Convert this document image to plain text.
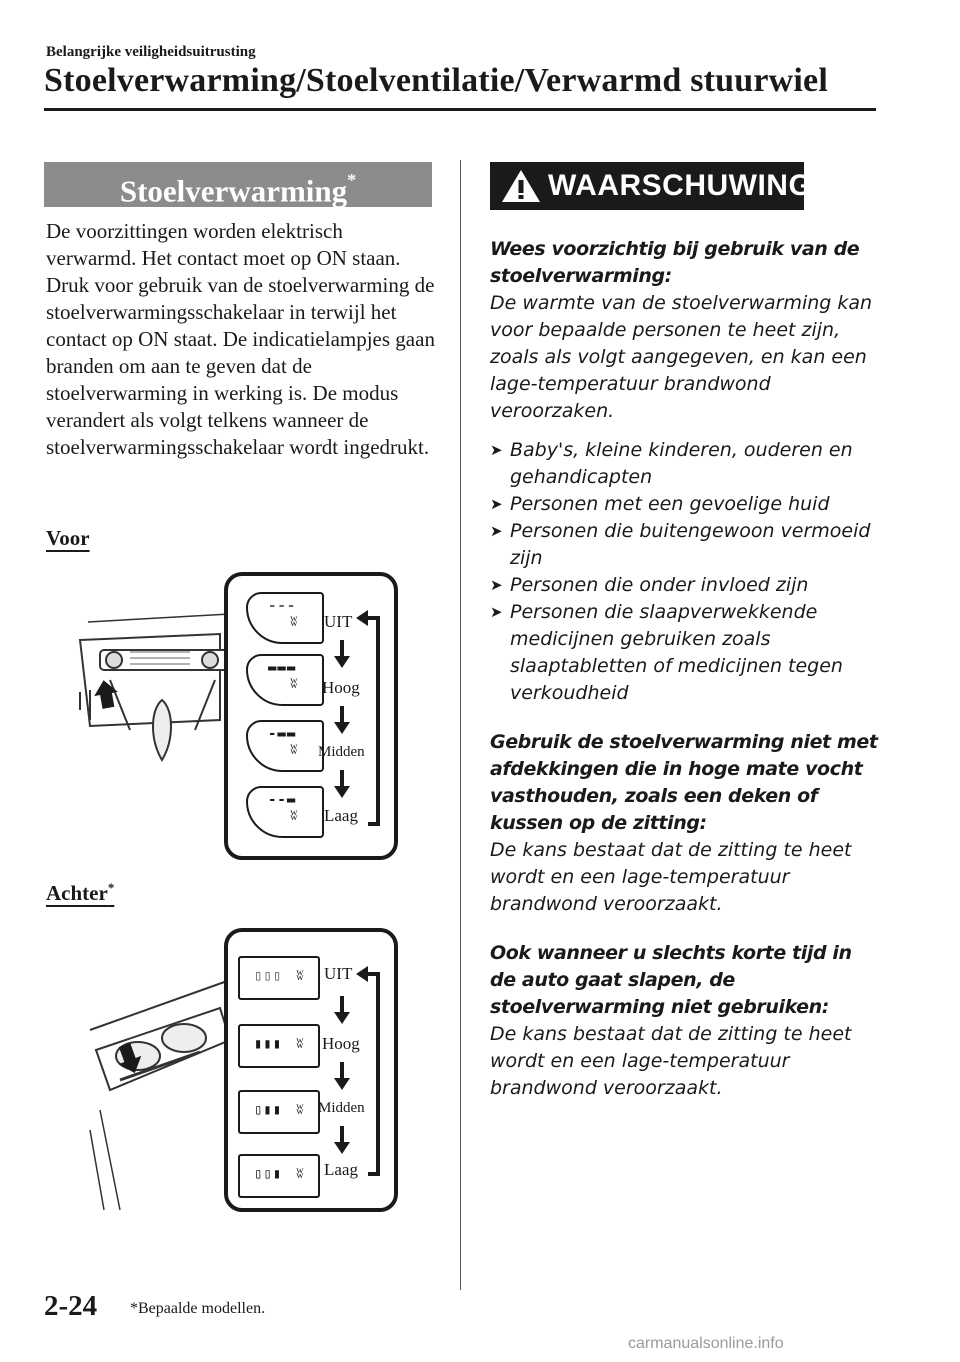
Belangrijke veiligheidsuitrusting
Stoelverwarming/Stoelventilatie/Verwarmd stuurwiel
Stoelverwarming*

De voorzittingen worden elektrisch verwarmd. Het contact moet op ON staan. Druk voor gebruik van de stoelverwarming de stoelverwarmingsschakelaar in terwijl het contact op ON staat. De indicatielampjes gaan branden om aan te geven dat de stoelverwarming in werking is. De modus verandert als volgt telkens wanneer de stoelverwarmingsschakelaar wordt ingedrukt.

Voor
---
ʬ
▬▬▬
ʬ
-▬▬
ʬ
--▬
ʬ
UIT
Hoog
Midden
Laag
Achter*
▯▯▯ ʬ
▮▮▮ ʬ
▯▮▮ ʬ
▯▯▮ ʬ
UIT
Hoog
Midden
Laag
WAARSCHUWING

Wees voorzichtig bij gebruik van de stoelverwarming:

De warmte van de stoelverwarming kan voor bepaalde personen te heet zijn, zoals als volgt aangegeven, en kan een lage-temperatuur brandwond veroorzaken.

➤ Baby's, kleine kinderen, ouderen en gehandicapten
➤ Personen met een gevoelige huid
➤ Personen die buitengewoon vermoeid zijn
➤ Personen die onder invloed zijn
➤ Personen die slaapverwekkende medicijnen gebruiken zoals slaaptabletten of medicijnen tegen verkoudheid

Gebruik de stoelverwarming niet met afdekkingen die in hoge mate vocht vasthouden, zoals een deken of kussen op de zitting:

De kans bestaat dat de zitting te heet wordt en een lage-temperatuur brandwond veroorzaakt.

Ook wanneer u slechts korte tijd in de auto gaat slapen, de stoelverwarming niet gebruiken:

De kans bestaat dat de zitting te heet wordt en een lage-temperatuur brandwond veroorzaakt.

2-24 *Bepaalde modellen.
carmanualsonline.info
